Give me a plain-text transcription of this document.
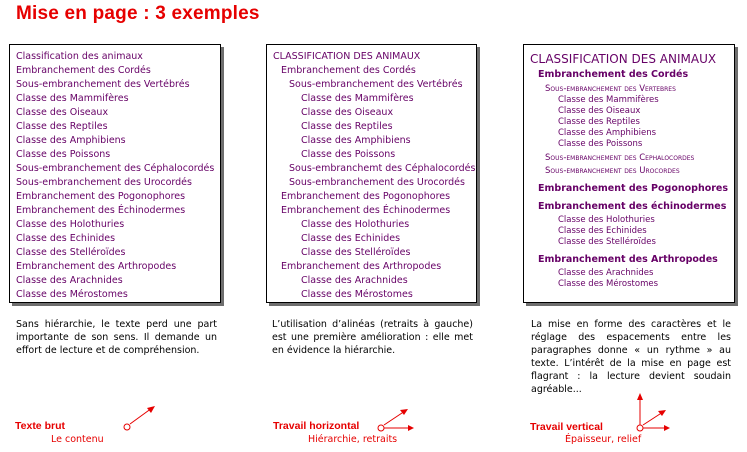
Mise en page : 3 exemples
Classification des animaux
Embranchement des Cordés
Sous-embranchement des Vertébrés
Classe des Mammifères
Classe des Oiseaux
Classe des Reptiles
Classe des Amphibiens
Classe des Poissons
Sous-embranchement des Céphalocordés
Sous-embranchement des Urocordés
Embranchement des Pogonophores
Embranchement des Échinodermes
Classe des Holothuries
Classe des Echinides
Classe des Stelléroïdes
Embranchement des Arthropodes
Classe des Arachnides
Classe des Mérostomes
CLASSIFICATION DES ANIMAUX
Embranchement des Cordés
Sous-embranchement des Vertébrés
Classe des Mammifères
Classe des Oiseaux
Classe des Reptiles
Classe des Amphibiens
Classe des Poissons
Sous-embranchemt des Céphalocordés
Sous-embranchement des Urocordés
Embranchement des Pogonophores
Embranchement des Échinodermes
Classe des Holothuries
Classe des Echinides
Classe des Stelléroïdes
Embranchement des Arthropodes
Classe des Arachnides
Classe des Mérostomes
CLASSIFICATION DES ANIMAUX
Embranchement des Cordés
Sous-embranchement des Vertebres
Classe des Mammifères
Classe des Oiseaux
Classe des Reptiles
Classe des Amphibiens
Classe des Poissons
Sous-embranchement des Cephalocordes
Sous-embranchement des Urocordes
Embranchement des Pogonophores
Embranchement des échinodermes
Classe des Holothuries
Classe des Echinides
Classe des Stelléroïdes
Embranchement des Arthropodes
Classe des Arachnides
Classe des Mérostomes
Sans hiérarchie, le texte perd une part importante de son sens. Il demande un effort de lecture et de compréhension.
L’utilisation d’alinéas (retraits à gauche) est une première amélioration : elle met en évidence la hiérarchie.
La mise en forme des caractères et le réglage des espacements entre les paragraphes donne « un rythme » au texte. L’intérêt de la mise en page est flagrant : la lecture devient soudain agréable...
Texte brut
Le contenu
Travail horizontal
Hiérarchie, retraits
Travail vertical
Épaisseur, relief
